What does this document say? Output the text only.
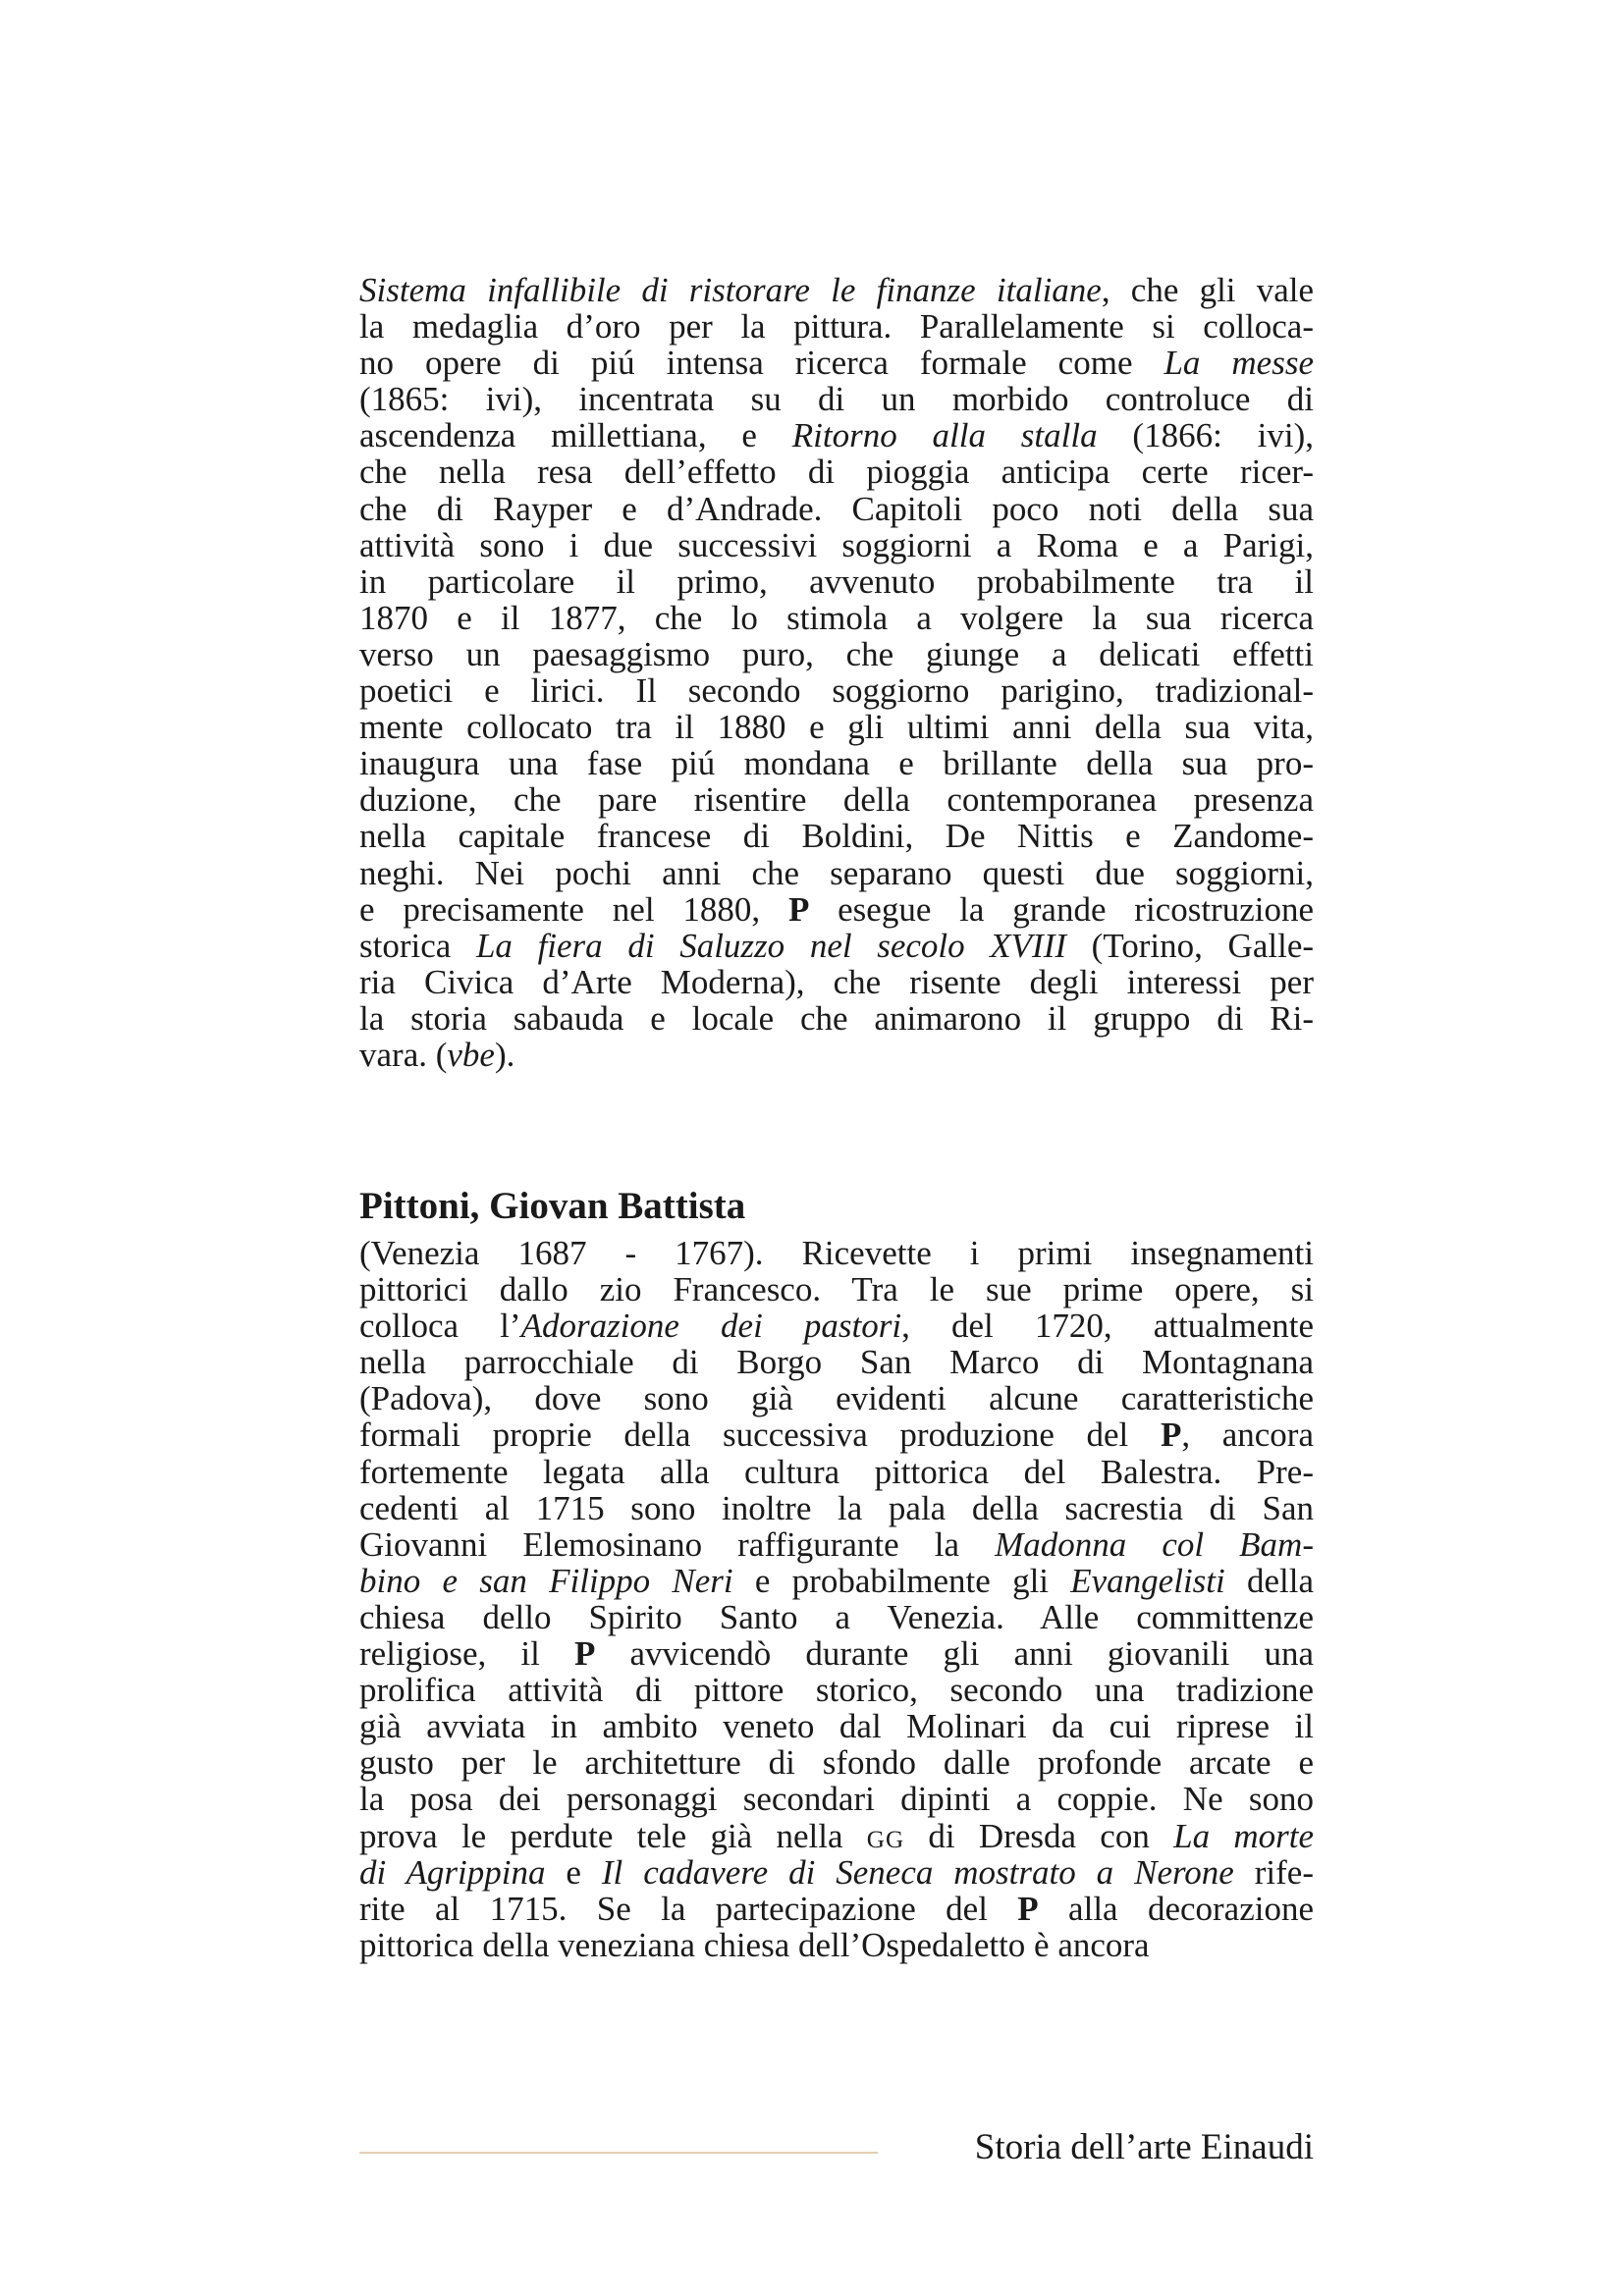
Sistema infallibile di ristorare le finanze italiane, che gli vale
la medaglia d’oro per la pittura. Parallelamente si colloca-
no opere di piú intensa ricerca formale come La messe
(1865: ivi), incentrata su di un morbido controluce di
ascendenza millettiana, e Ritorno alla stalla (1866: ivi),
che nella resa dell’effetto di pioggia anticipa certe ricer-
che di Rayper e d’Andrade. Capitoli poco noti della sua
attività sono i due successivi soggiorni a Roma e a Parigi,
in particolare il primo, avvenuto probabilmente tra il
1870 e il 1877, che lo stimola a volgere la sua ricerca
verso un paesaggismo puro, che giunge a delicati effetti
poetici e lirici. Il secondo soggiorno parigino, tradizional-
mente collocato tra il 1880 e gli ultimi anni della sua vita,
inaugura una fase piú mondana e brillante della sua pro-
duzione, che pare risentire della contemporanea presenza
nella capitale francese di Boldini, De Nittis e Zandome-
neghi. Nei pochi anni che separano questi due soggiorni,
e precisamente nel 1880, P esegue la grande ricostruzione
storica La fiera di Saluzzo nel secolo XVIII (Torino, Galle-
ria Civica d’Arte Moderna), che risente degli interessi per
la storia sabauda e locale che animarono il gruppo di Ri-
vara. (vbe).
Pittoni, Giovan Battista
(Venezia 1687 - 1767). Ricevette i primi insegnamenti
pittorici dallo zio Francesco. Tra le sue prime opere, si
colloca l’Adorazione dei pastori, del 1720, attualmente
nella parrocchiale di Borgo San Marco di Montagnana
(Padova), dove sono già evidenti alcune caratteristiche
formali proprie della successiva produzione del P, ancora
fortemente legata alla cultura pittorica del Balestra. Pre-
cedenti al 1715 sono inoltre la pala della sacrestia di San
Giovanni Elemosinano raffigurante la Madonna col Bam-
bino e san Filippo Neri e probabilmente gli Evangelisti della
chiesa dello Spirito Santo a Venezia. Alle committenze
religiose, il P avvicendò durante gli anni giovanili una
prolifica attività di pittore storico, secondo una tradizione
già avviata in ambito veneto dal Molinari da cui riprese il
gusto per le architetture di sfondo dalle profonde arcate e
la posa dei personaggi secondari dipinti a coppie. Ne sono
prova le perdute tele già nella GG di Dresda con La morte
di Agrippina e Il cadavere di Seneca mostrato a Nerone rife-
rite al 1715. Se la partecipazione del P alla decorazione
pittorica della veneziana chiesa dell’Ospedaletto è ancora
Storia dell’arte Einaudi
